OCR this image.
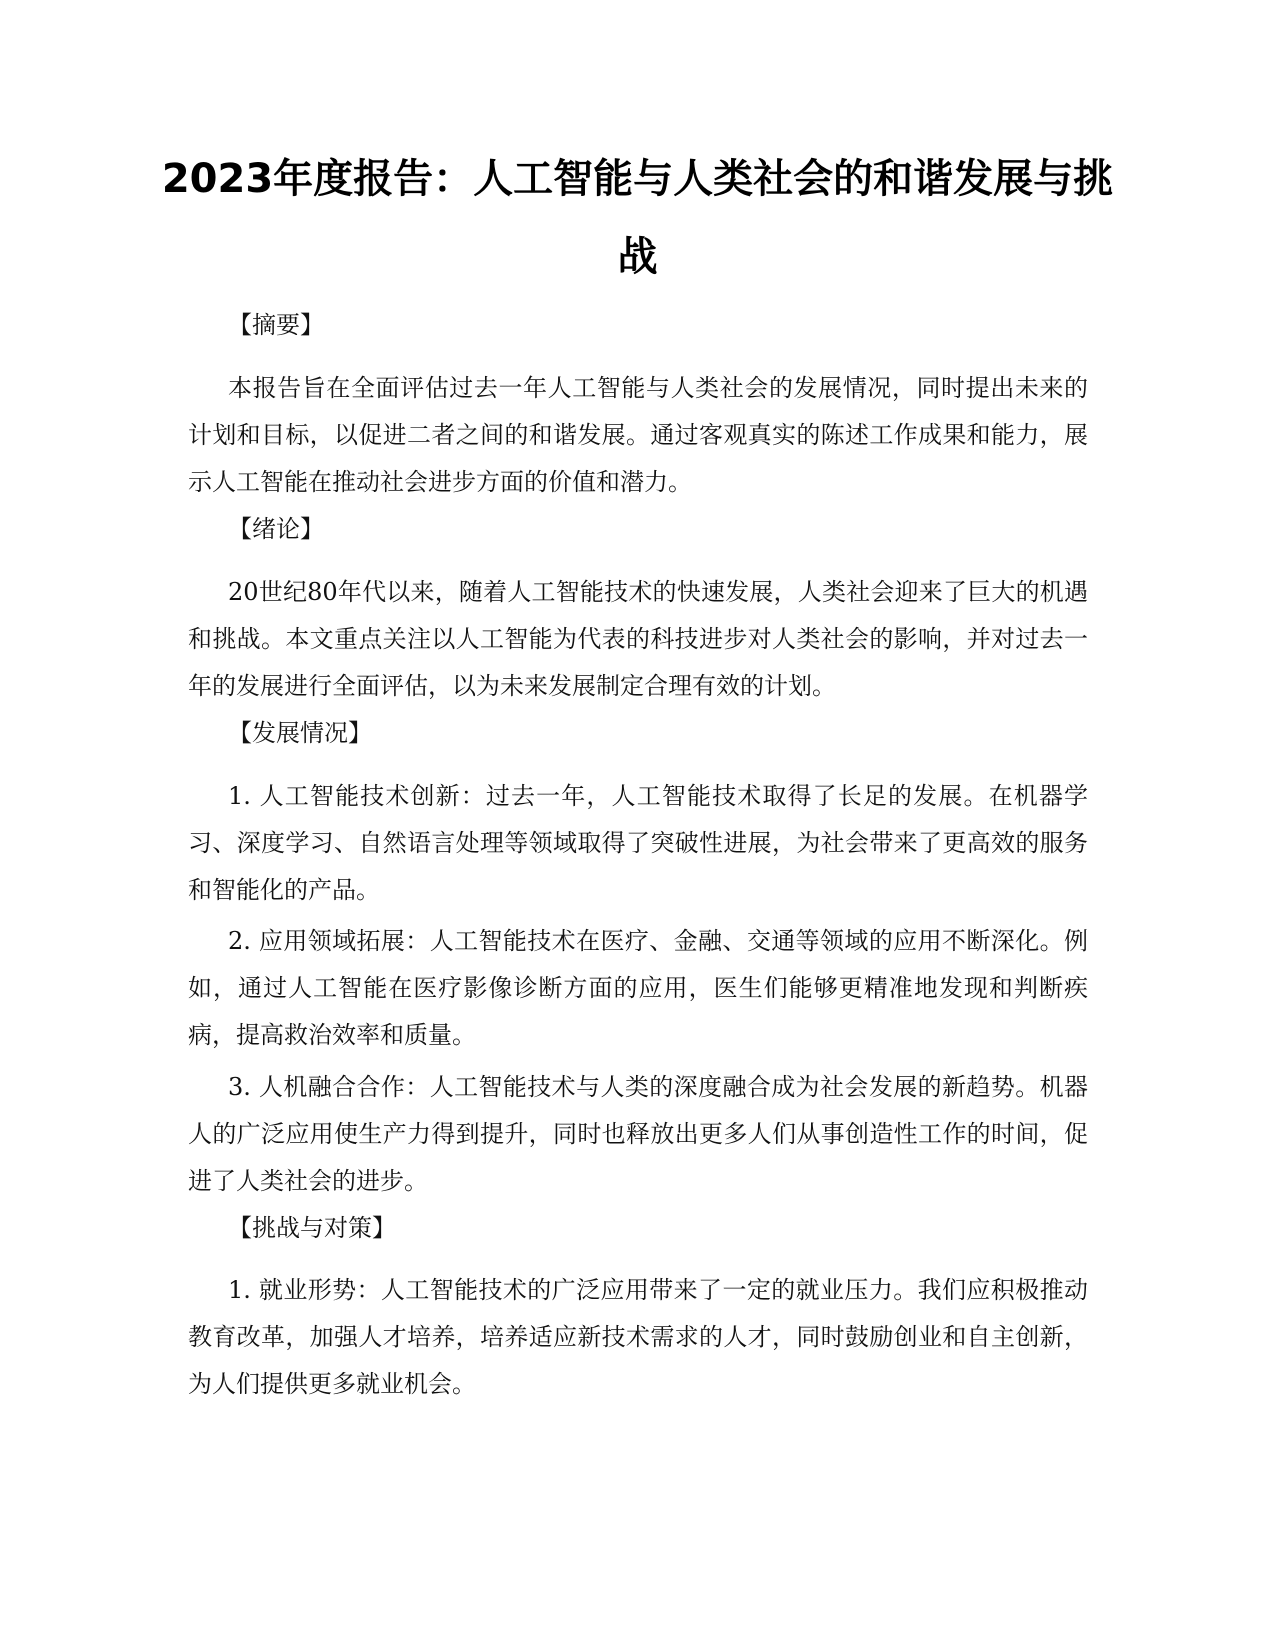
2023年度报告：人工智能与人类社会的和谐发展与挑战

【摘要】

本报告旨在全面评估过去一年人工智能与人类社会的发展情况，同时提出未来的计划和目标，以促进二者之间的和谐发展。通过客观真实的陈述工作成果和能力，展示人工智能在推动社会进步方面的价值和潜力。

【绪论】

20世纪80年代以来，随着人工智能技术的快速发展，人类社会迎来了巨大的机遇和挑战。本文重点关注以人工智能为代表的科技进步对人类社会的影响，并对过去一年的发展进行全面评估，以为未来发展制定合理有效的计划。

【发展情况】

1. 人工智能技术创新：过去一年，人工智能技术取得了长足的发展。在机器学习、深度学习、自然语言处理等领域取得了突破性进展，为社会带来了更高效的服务和智能化的产品。

2. 应用领域拓展：人工智能技术在医疗、金融、交通等领域的应用不断深化。例如，通过人工智能在医疗影像诊断方面的应用，医生们能够更精准地发现和判断疾病，提高救治效率和质量。

3. 人机融合合作：人工智能技术与人类的深度融合成为社会发展的新趋势。机器人的广泛应用使生产力得到提升，同时也释放出更多人们从事创造性工作的时间，促进了人类社会的进步。

【挑战与对策】

1. 就业形势：人工智能技术的广泛应用带来了一定的就业压力。我们应积极推动教育改革，加强人才培养，培养适应新技术需求的人才，同时鼓励创业和自主创新，为人们提供更多就业机会。
